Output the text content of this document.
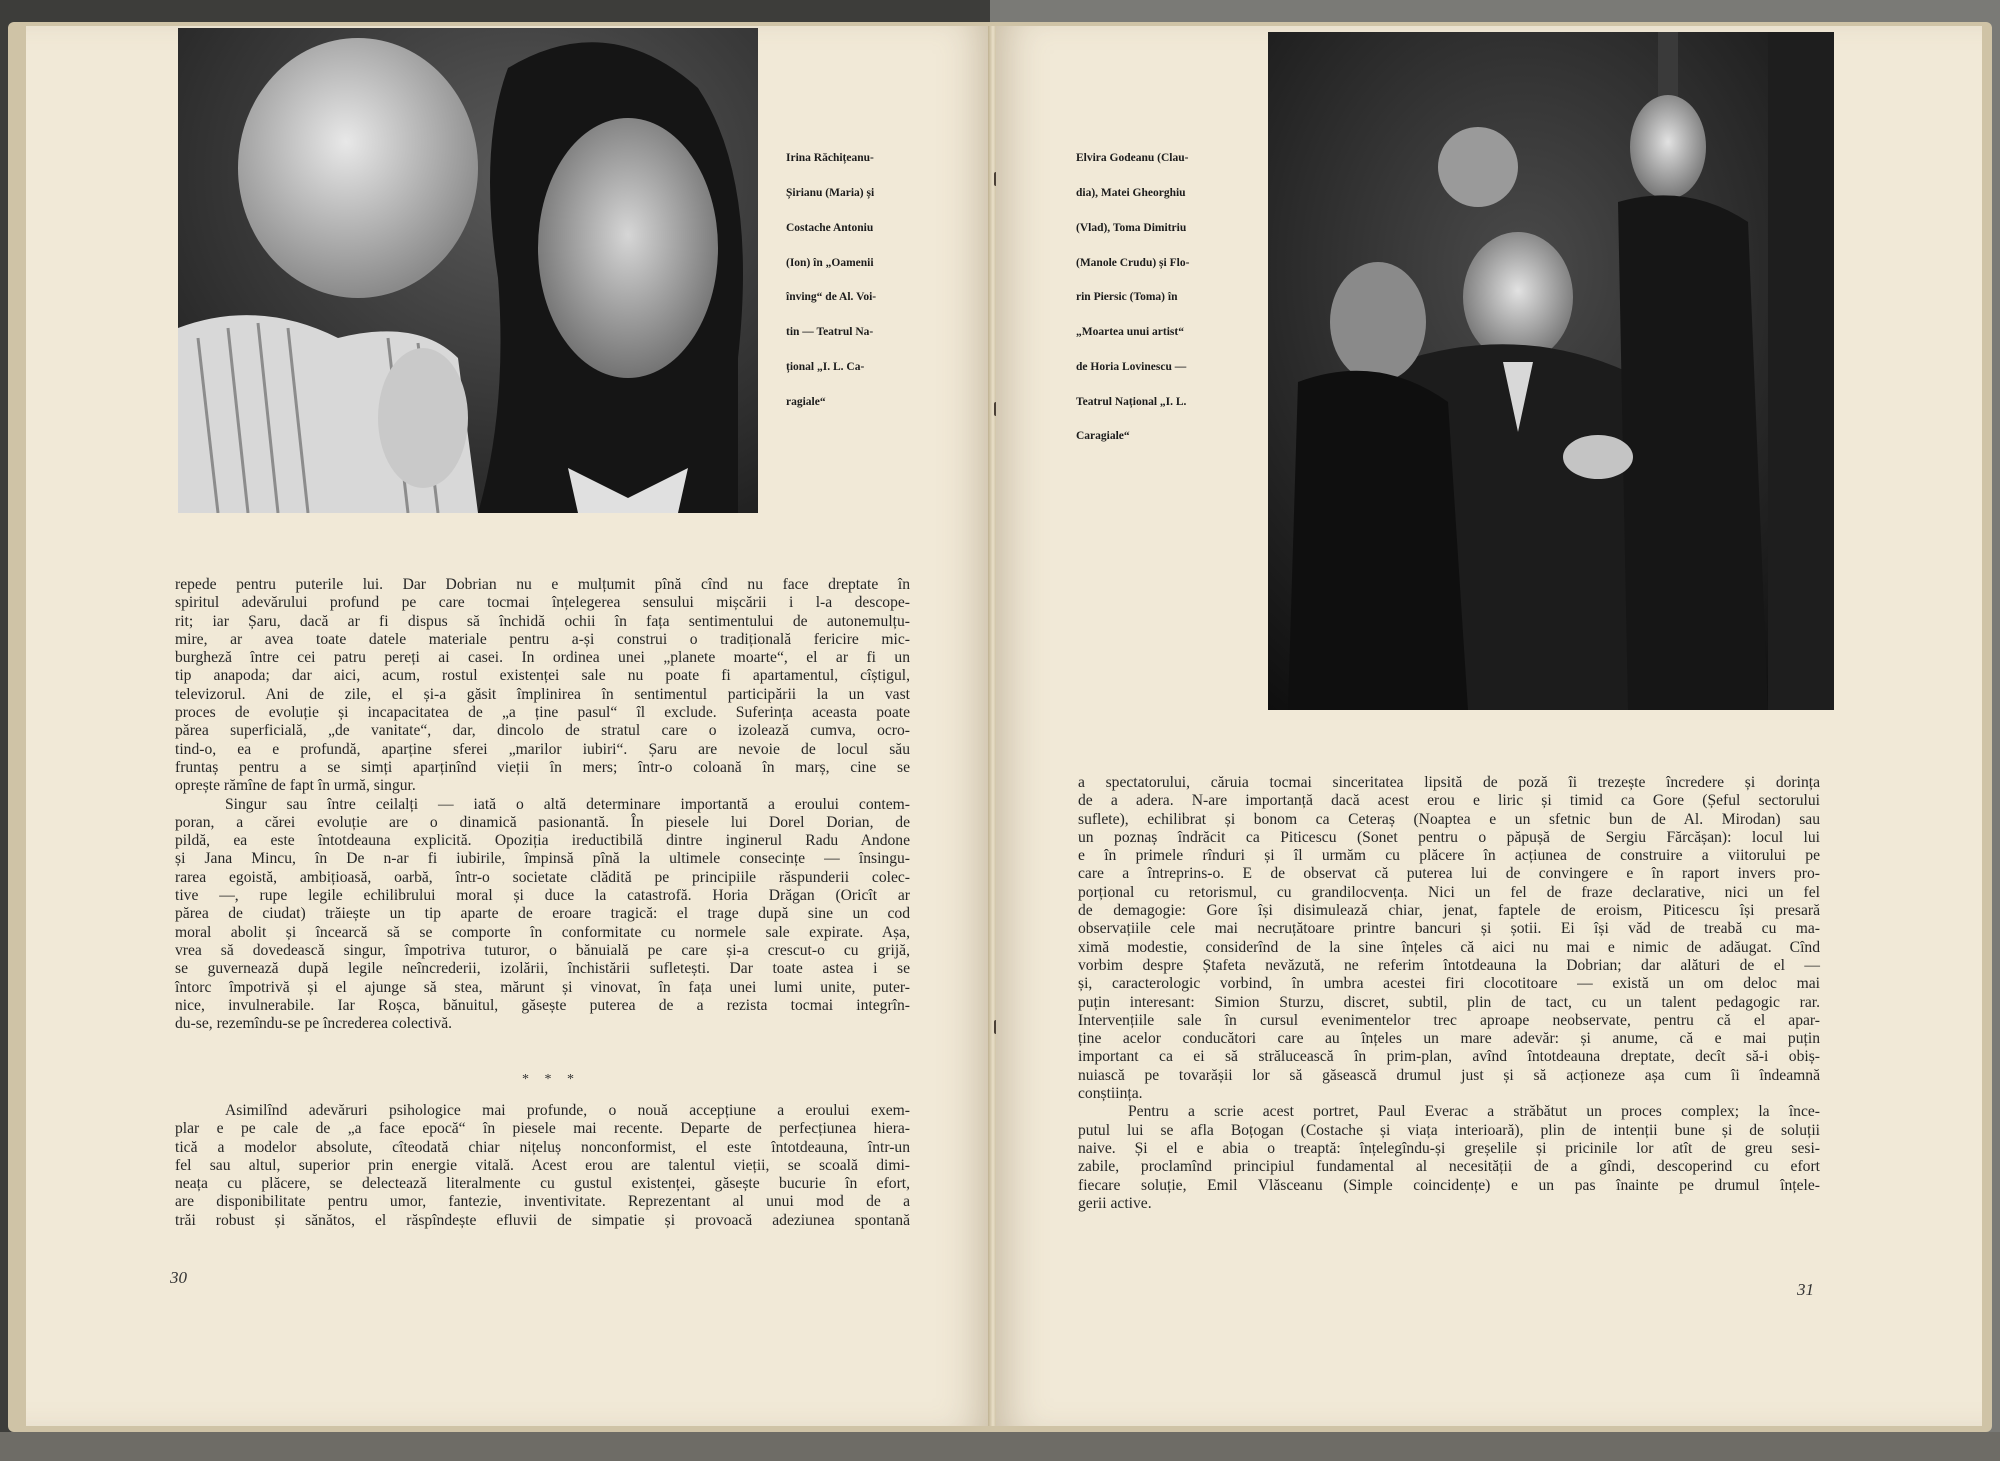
Irina Răchițeanu-

Șirianu (Maria) și

Costache Antoniu

(Ion) în „Oamenii

înving“ de Al. Voi-

tin — Teatrul Na-

țional „I. L. Ca-

ragiale“

repede pentru puterile lui. Dar Dobrian nu e mulțumit pînă cînd nu face dreptate în

spiritul adevărului profund pe care tocmai înțelegerea sensului mișcării i l-a descope-

rit; iar Șaru, dacă ar fi dispus să închidă ochii în fața sentimentului de autonemulțu-

mire, ar avea toate datele materiale pentru a-și construi o tradițională fericire mic-

burgheză între cei patru pereți ai casei. In ordinea unei „planete moarte“, el ar fi un

tip anapoda; dar aici, acum, rostul existenței sale nu poate fi apartamentul, cîștigul,

televizorul. Ani de zile, el și-a găsit împlinirea în sentimentul participării la un vast

proces de evoluție și incapacitatea de „a ține pasul“ îl exclude. Suferința aceasta poate

părea superficială, „de vanitate“, dar, dincolo de stratul care o izolează cumva, ocro-

tind-o, ea e profundă, aparține sferei „marilor iubiri“. Șaru are nevoie de locul său

fruntaș pentru a se simți aparținînd vieții în mers; într-o coloană în marș, cine se

oprește rămîne de fapt în urmă, singur.

Singur sau între ceilalți — iată o altă determinare importantă a eroului contem-

poran, a cărei evoluție are o dinamică pasionantă. În piesele lui Dorel Dorian, de

pildă, ea este întotdeauna explicită. Opoziția ireductibilă dintre inginerul Radu Andone

și Jana Mincu, în De n-ar fi iubirile, împinsă pînă la ultimele consecințe — însingu-

rarea egoistă, ambițioasă, oarbă, într-o societate clădită pe principiile răspunderii colec-

tive —, rupe legile echilibrului moral și duce la catastrofă. Horia Drăgan (Oricît ar

părea de ciudat) trăiește un tip aparte de eroare tragică: el trage după sine un cod

moral abolit și încearcă să se comporte în conformitate cu normele sale expirate. Așa,

vrea să dovedească singur, împotriva tuturor, o bănuială pe care și-a crescut-o cu grijă,

se guvernează după legile neîncrederii, izolării, închistării sufletești. Dar toate astea i se

întorc împotrivă și el ajunge să stea, mărunt și vinovat, în fața unei lumi unite, puter-

nice, invulnerabile. Iar Roșca, bănuitul, găsește puterea de a rezista tocmai integrîn-

du-se, rezemîndu-se pe încrederea colectivă.

* * *

Asimilînd adevăruri psihologice mai profunde, o nouă accepțiune a eroului exem-

plar e pe cale de „a face epocă“ în piesele mai recente. Departe de perfecțiunea hiera-

tică a modelor absolute, cîteodată chiar nițeluș nonconformist, el este întotdeauna, într-un

fel sau altul, superior prin energie vitală. Acest erou are talentul vieții, se scoală dimi-

neața cu plăcere, se delectează literalmente cu gustul existenței, găsește bucurie în efort,

are disponibilitate pentru umor, fantezie, inventivitate. Reprezentant al unui mod de a

trăi robust și sănătos, el răspîndește efluvii de simpatie și provoacă adeziunea spontană

30

Elvira Godeanu (Clau-

dia), Matei Gheorghiu

(Vlad), Toma Dimitriu

(Manole Crudu) și Flo-

rin Piersic (Toma) în

„Moartea unui artist“

de Horia Lovinescu —

Teatrul Național „I. L.

Caragiale“

a spectatorului, căruia tocmai sinceritatea lipsită de poză îi trezește încredere și dorința

de a adera. N-are importanță dacă acest erou e liric și timid ca Gore (Șeful sectorului

suflete), echilibrat și bonom ca Ceteraș (Noaptea e un sfetnic bun de Al. Mirodan) sau

un poznaș îndrăcit ca Piticescu (Sonet pentru o păpușă de Sergiu Fărcășan): locul lui

e în primele rînduri și îl urmăm cu plăcere în acțiunea de construire a viitorului pe

care a întreprins-o. E de observat că puterea lui de convingere e în raport invers pro-

porțional cu retorismul, cu grandilocvența. Nici un fel de fraze declarative, nici un fel

de demagogie: Gore își disimulează chiar, jenat, faptele de eroism, Piticescu își presară

observațiile cele mai necruțătoare printre bancuri și șotii. Ei își văd de treabă cu ma-

ximă modestie, considerînd de la sine înțeles că aici nu mai e nimic de adăugat. Cînd

vorbim despre Ștafeta nevăzută, ne referim întotdeauna la Dobrian; dar alături de el —

și, caracterologic vorbind, în umbra acestei firi clocotitoare — există un om deloc mai

puțin interesant: Simion Sturzu, discret, subtil, plin de tact, cu un talent pedagogic rar.

Intervențiile sale în cursul evenimentelor trec aproape neobservate, pentru că el apar-

ține acelor conducători care au înțeles un mare adevăr: și anume, că e mai puțin

important ca ei să strălucească în prim-plan, avînd întotdeauna dreptate, decît să-i obiș-

nuiască pe tovarășii lor să găsească drumul just și să acționeze așa cum îi îndeamnă

conștiința.

Pentru a scrie acest portret, Paul Everac a străbătut un proces complex; la înce-

putul lui se afla Boțogan (Costache și viața interioară), plin de intenții bune și de soluții

naive. Și el e abia o treaptă: înțelegîndu-și greșelile și pricinile lor atît de greu sesi-

zabile, proclamînd principiul fundamental al necesității de a gîndi, descoperind cu efort

fiecare soluție, Emil Vlăsceanu (Simple coincidențe) e un pas înainte pe drumul înțele-

gerii active.

31
